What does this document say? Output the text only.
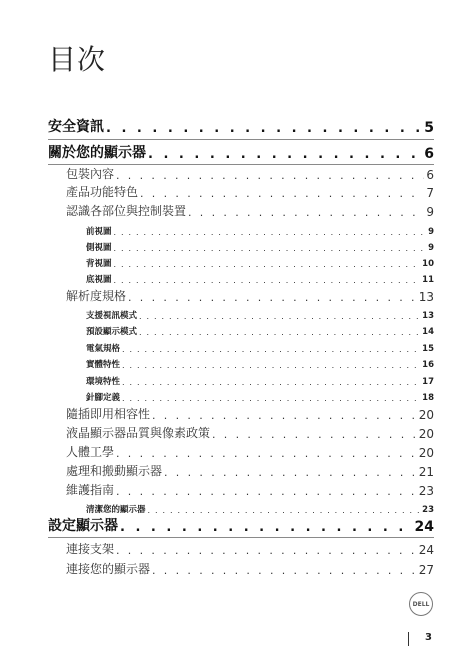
目次
安全資訊 . . .	5
關於您的顯示器 . . .	6
包裝內容 . . .	6
產品功能特色 . . .	7
認識各部位與控制裝置 . . .	9
前視圖 . . .	9
側視圖 . . .	9
背視圖 . . .	10
底視圖 . . .	11
解析度規格 . . .	13
支援視訊模式 . . .	13
預設顯示模式 . . .	14
電氣規格 . . .	15
實體特性 . . .	16
環境特性 . . .	17
針腳定義 . . .	18
隨插即用相容性 . . .	20
液晶顯示器品質與像素政策 . . .	20
人體工學 . . .	20
處理和搬動顯示器 . . .	21
維護指南 . . .	23
清潔您的顯示器 . . .	23
設定顯示器 . . .	24
連接支架 . . .	24
連接您的顯示器 . . .	27
DELL
3
